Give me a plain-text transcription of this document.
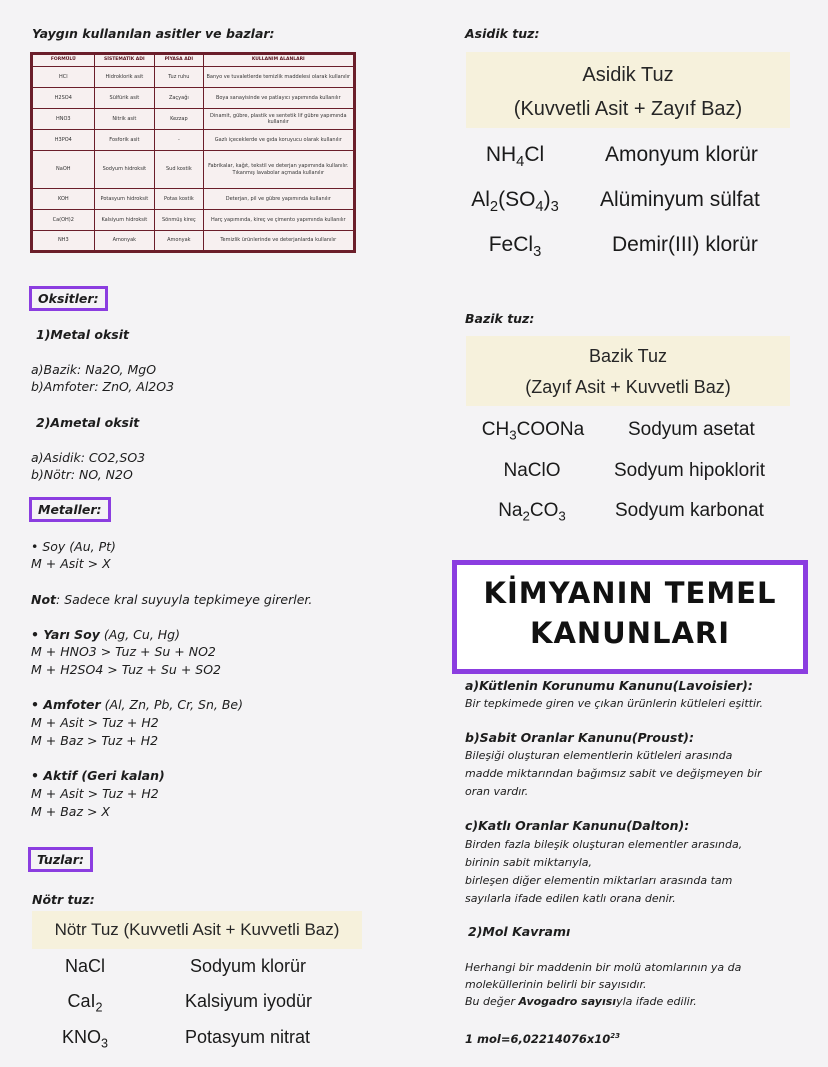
Yaygın kullanılan asitler ve bazlar:
FORMÜLÜ	SİSTEMATİK ADI	PİYASA ADI	KULLANIM ALANLARI
HCl	Hidroklorik asit	Tuz ruhu	Banyo ve tuvaletlerde temizlik maddelesi olarak kullanılır
H2SO4	Sülfürik asit	Zaçyağı	Boya sanayisinde ve patlayıcı yapımında kullanılır
HNO3	Nitrik asit	Kezzap	Dinamit, gübre, plastik ve sentetik lif gübre yapımında kullanılır
H3PO4	Fosforik asit	-	Gazlı içeceklerde ve gıda koruyucu olarak kullanılır
NaOH	Sodyum hidroksit	Sud kostik	Fabrikalar, kağıt, tekstil ve deterjan yapımında kullanılır. Tıkanmış lavabolar açmada kullanılır
KOH	Potasyum hidroksit	Potas kostik	Deterjan, pil ve gübre yapımında kullanılır
Ca(OH)2	Kalsiyum hidroksit	Sönmüş kireç	Harç yapımında, kireç ve çimento yapımında kullanılır
NH3	Amonyak	Amonyak	Temizlik ürünlerinde ve deterjanlarda kullanılır
Oksitler:
1)Metal oksit
a)Bazik: Na2O, MgO
b)Amfoter: ZnO, Al2O3
2)Ametal oksit
a)Asidik: CO2,SO3
b)Nötr: NO, N2O
Metaller:
• Soy (Au, Pt)
M + Asit > X
Not: Sadece kral suyuyla tepkimeye girerler.
• Yarı Soy (Ag, Cu, Hg)
M + HNO3 > Tuz + Su + NO2
M + H2SO4 > Tuz + Su + SO2
• Amfoter (Al, Zn, Pb, Cr, Sn, Be)
M + Asit > Tuz + H2
M + Baz > Tuz + H2
• Aktif (Geri kalan)
M + Asit > Tuz + H2
M + Baz > X
Tuzlar:
Nötr tuz:
Nötr Tuz (Kuvvetli Asit + Kuvvetli Baz)
NaCl	Sodyum klorür
CaI$_2$	Kalsiyum iyodür
$KNO_3$	Potasyum nitrat
Asidik tuz:
Asidik Tuz
(Kuvvetli Asit + Zayıf Baz)
$NH_4Cl$	Amonyum klorür
$Al_2(SO_4)_3$	Alüminyum sülfat
FeCl$_3$	Demir(III) klorür
Bazik tuz:
Bazik Tuz
(Zayıf Asit + Kuvvetli Baz)
$CH_3COONa$	Sodyum asetat
NaClO	Sodyum hipoklorit
$Na_2CO_3$	Sodyum karbonat
KİMYANIN TEMEL
KANUNLARI
a)Kütlenin Korunumu Kanunu(Lavoisier):
Bir tepkimede giren ve çıkan ürünlerin kütleleri eşittir.
b)Sabit Oranlar Kanunu(Proust):
Bileşiği oluşturan elementlerin kütleleri arasında
madde miktarından bağımsız sabit ve değişmeyen bir
oran vardır.
c)Katlı Oranlar Kanunu(Dalton):
Birden fazla bileşik oluşturan elementler arasında,
birinin sabit miktarıyla,
birleşen diğer elementin miktarları arasında tam
sayılarla ifade edilen katlı orana denir.
2)Mol Kavramı
Herhangi bir maddenin bir molü atomlarının ya da
moleküllerinin belirli bir sayısıdır.
Bu değer Avogadro sayısıyla ifade edilir.
1 $mol=6,02214076x10^{23}$
